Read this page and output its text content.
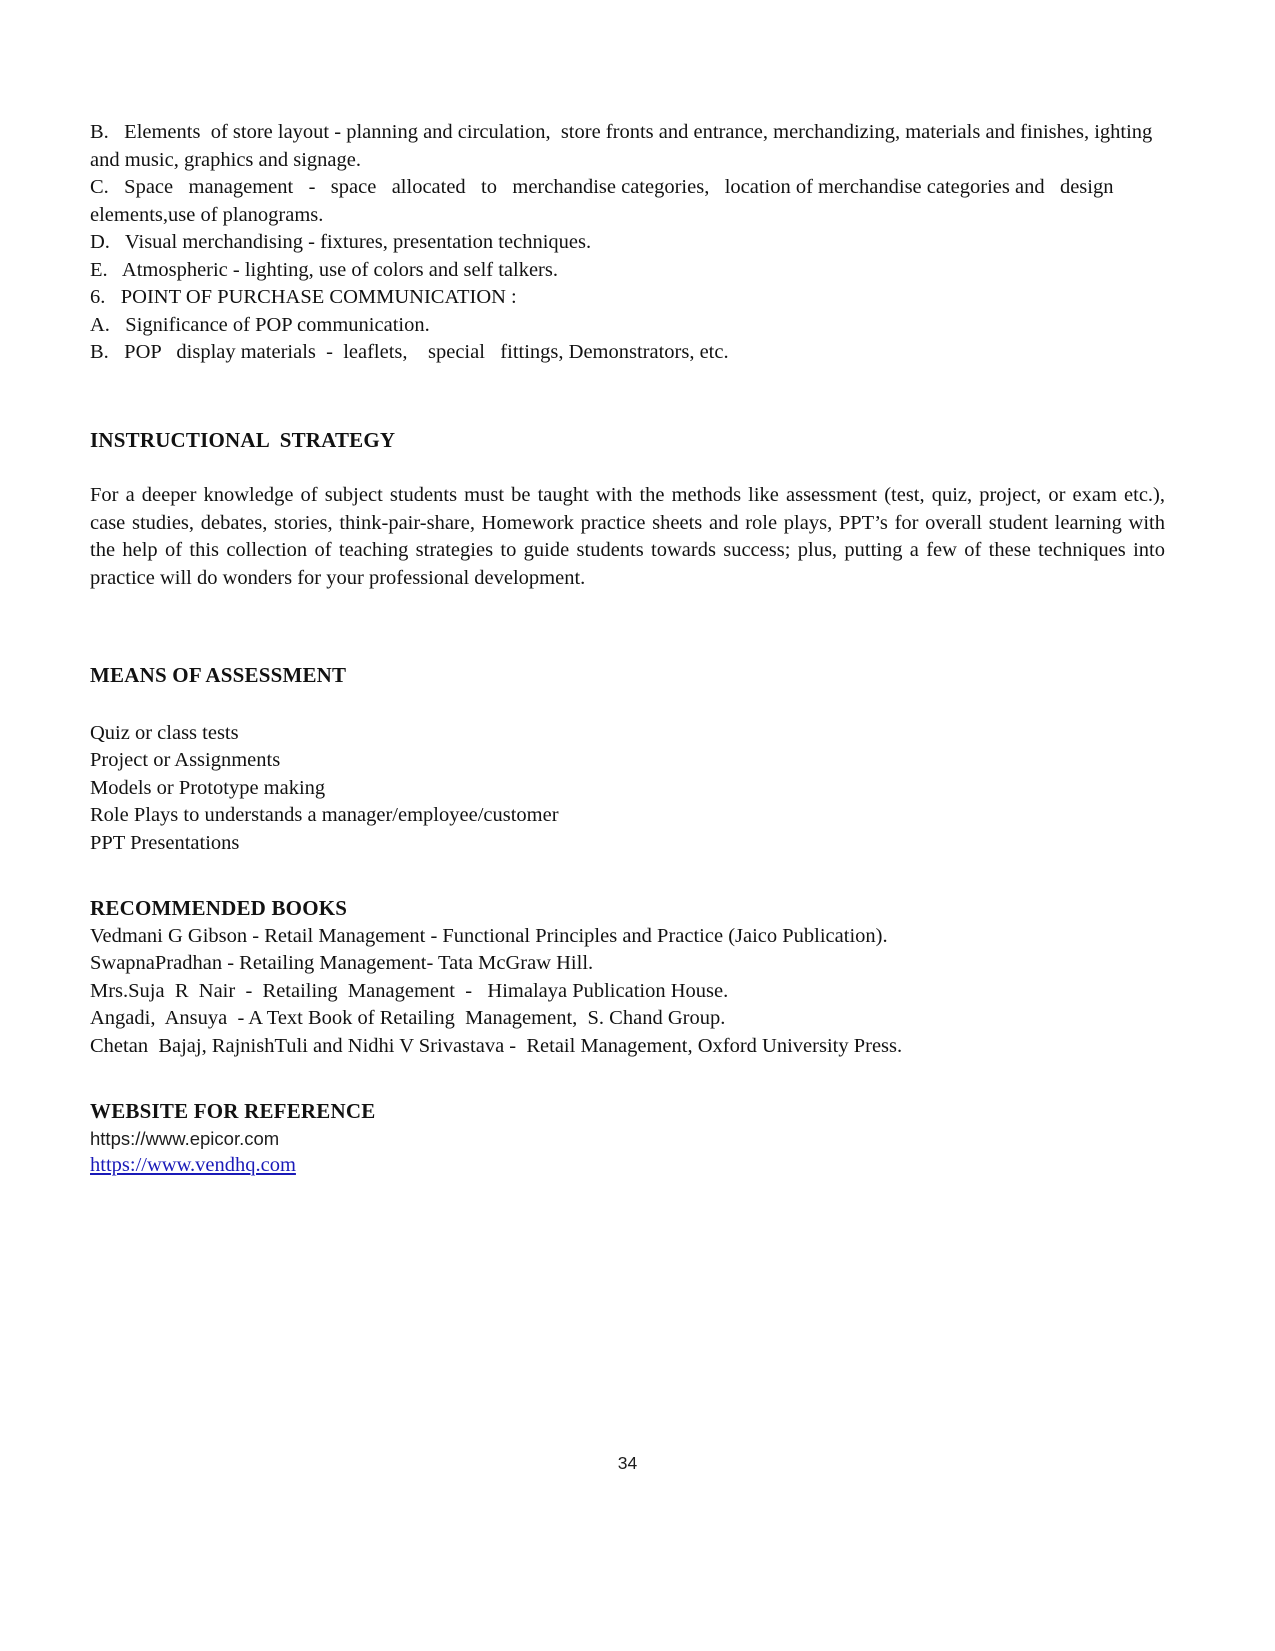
B.   Elements  of store layout - planning and circulation,  store fronts and entrance, merchandizing, materials and finishes, ighting and music, graphics and signage.
C.   Space   management   -   space   allocated   to   merchandise categories,   location of merchandise categories and   design elements,use of planograms.
D.   Visual merchandising - fixtures, presentation techniques.
E.   Atmospheric - lighting, use of colors and self talkers.
6.   POINT OF PURCHASE COMMUNICATION :
A.   Significance of POP communication.
B.   POP   display materials  -  leaflets,    special   fittings, Demonstrators, etc.
INSTRUCTIONAL  STRATEGY
For a deeper knowledge of subject students must be taught with the methods like assessment (test, quiz, project, or exam etc.), case studies, debates, stories, think-pair-share, Homework practice sheets and role plays, PPT’s for overall student learning with the help of this collection of teaching strategies to guide students towards success; plus, putting a few of these techniques into practice will do wonders for your professional development.
MEANS OF ASSESSMENT
Quiz or class tests
Project or Assignments
Models or Prototype making
Role Plays to understands a manager/employee/customer
PPT Presentations
RECOMMENDED BOOKS
Vedmani G Gibson - Retail Management - Functional Principles and Practice (Jaico Publication).
SwapnaPradhan - Retailing Management- Tata McGraw Hill.
Mrs.Suja  R  Nair  -  Retailing  Management  -   Himalaya Publication House.
Angadi,  Ansuya  - A Text Book of Retailing  Management,  S. Chand Group.
Chetan  Bajaj, RajnishTuli and Nidhi V Srivastava -  Retail Management, Oxford University Press.
WEBSITE FOR REFERENCE
https://www.epicor.com
https://www.vendhq.com
34
